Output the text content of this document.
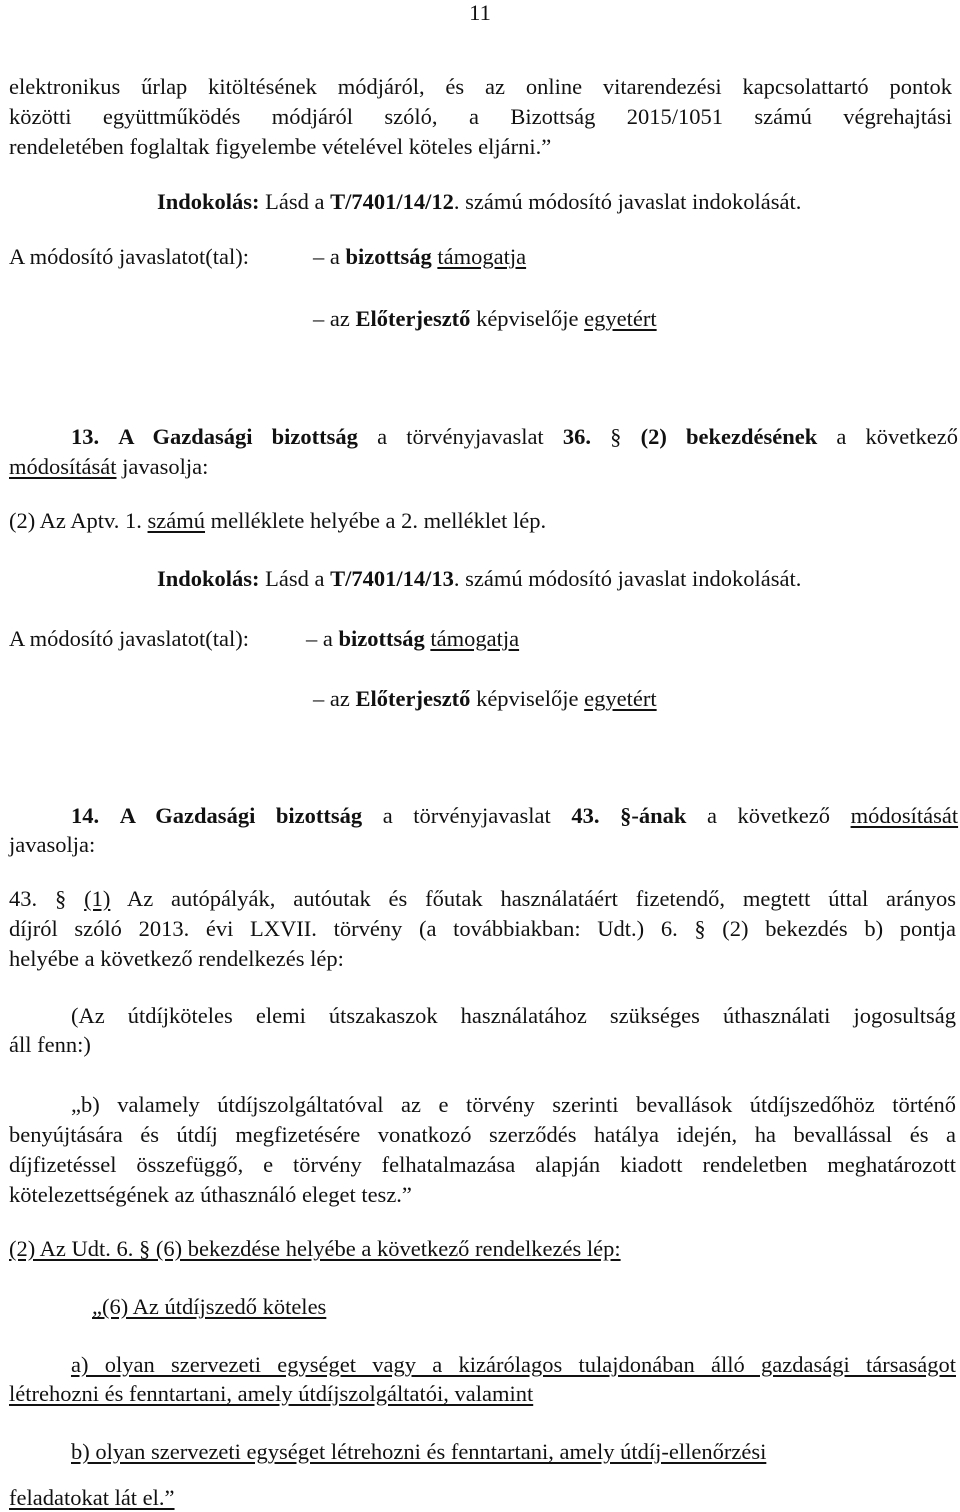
11
elektronikus űrlap kitöltésének módjáról, és az online vitarendezési kapcsolattartó pontok
közötti együttműködés módjáról szóló, a Bizottság 2015/1051 számú végrehajtási
rendeletében foglaltak figyelembe vételével köteles eljárni.”
Indokolás: Lásd a T/7401/14/12. számú módosító javaslat indokolását.
A módosító javaslatot(tal):	– a bizottság támogatja
– az Előterjesztő képviselője egyetért
13. A Gazdasági bizottság a törvényjavaslat 36. § (2) bekezdésének a következő
módosítását javasolja:
(2) Az Aptv. 1. számú melléklete helyébe a 2. melléklet lép.
Indokolás: Lásd a T/7401/14/13. számú módosító javaslat indokolását.
A módosító javaslatot(tal):	– a bizottság támogatja
– az Előterjesztő képviselője egyetért
14. A Gazdasági bizottság a törvényjavaslat 43. §-ának a következő módosítását
javasolja:
43. § (1) Az autópályák, autóutak és főutak használatáért fizetendő, megtett úttal arányos
díjról szóló 2013. évi LXVII. törvény (a továbbiakban: Udt.) 6. § (2) bekezdés b) pontja
helyébe a következő rendelkezés lép:
(Az útdíjköteles elemi útszakaszok használatához szükséges úthasználati jogosultság
áll fenn:)
„b) valamely útdíjszolgáltatóval az e törvény szerinti bevallások útdíjszedőhöz történő
benyújtására és útdíj megfizetésére vonatkozó szerződés hatálya idején, ha bevallással és a
díjfizetéssel összefüggő, e törvény felhatalmazása alapján kiadott rendeletben meghatározott
kötelezettségének az úthasználó eleget tesz.”
(2) Az Udt. 6. § (6) bekezdése helyébe a következő rendelkezés lép:
„(6) Az útdíjszedő köteles
a) olyan szervezeti egységet vagy a kizárólagos tulajdonában álló gazdasági társaságot
létrehozni és fenntartani, amely útdíjszolgáltatói, valamint
b) olyan szervezeti egységet létrehozni és fenntartani, amely útdíj-ellenőrzési
feladatokat lát el.”
